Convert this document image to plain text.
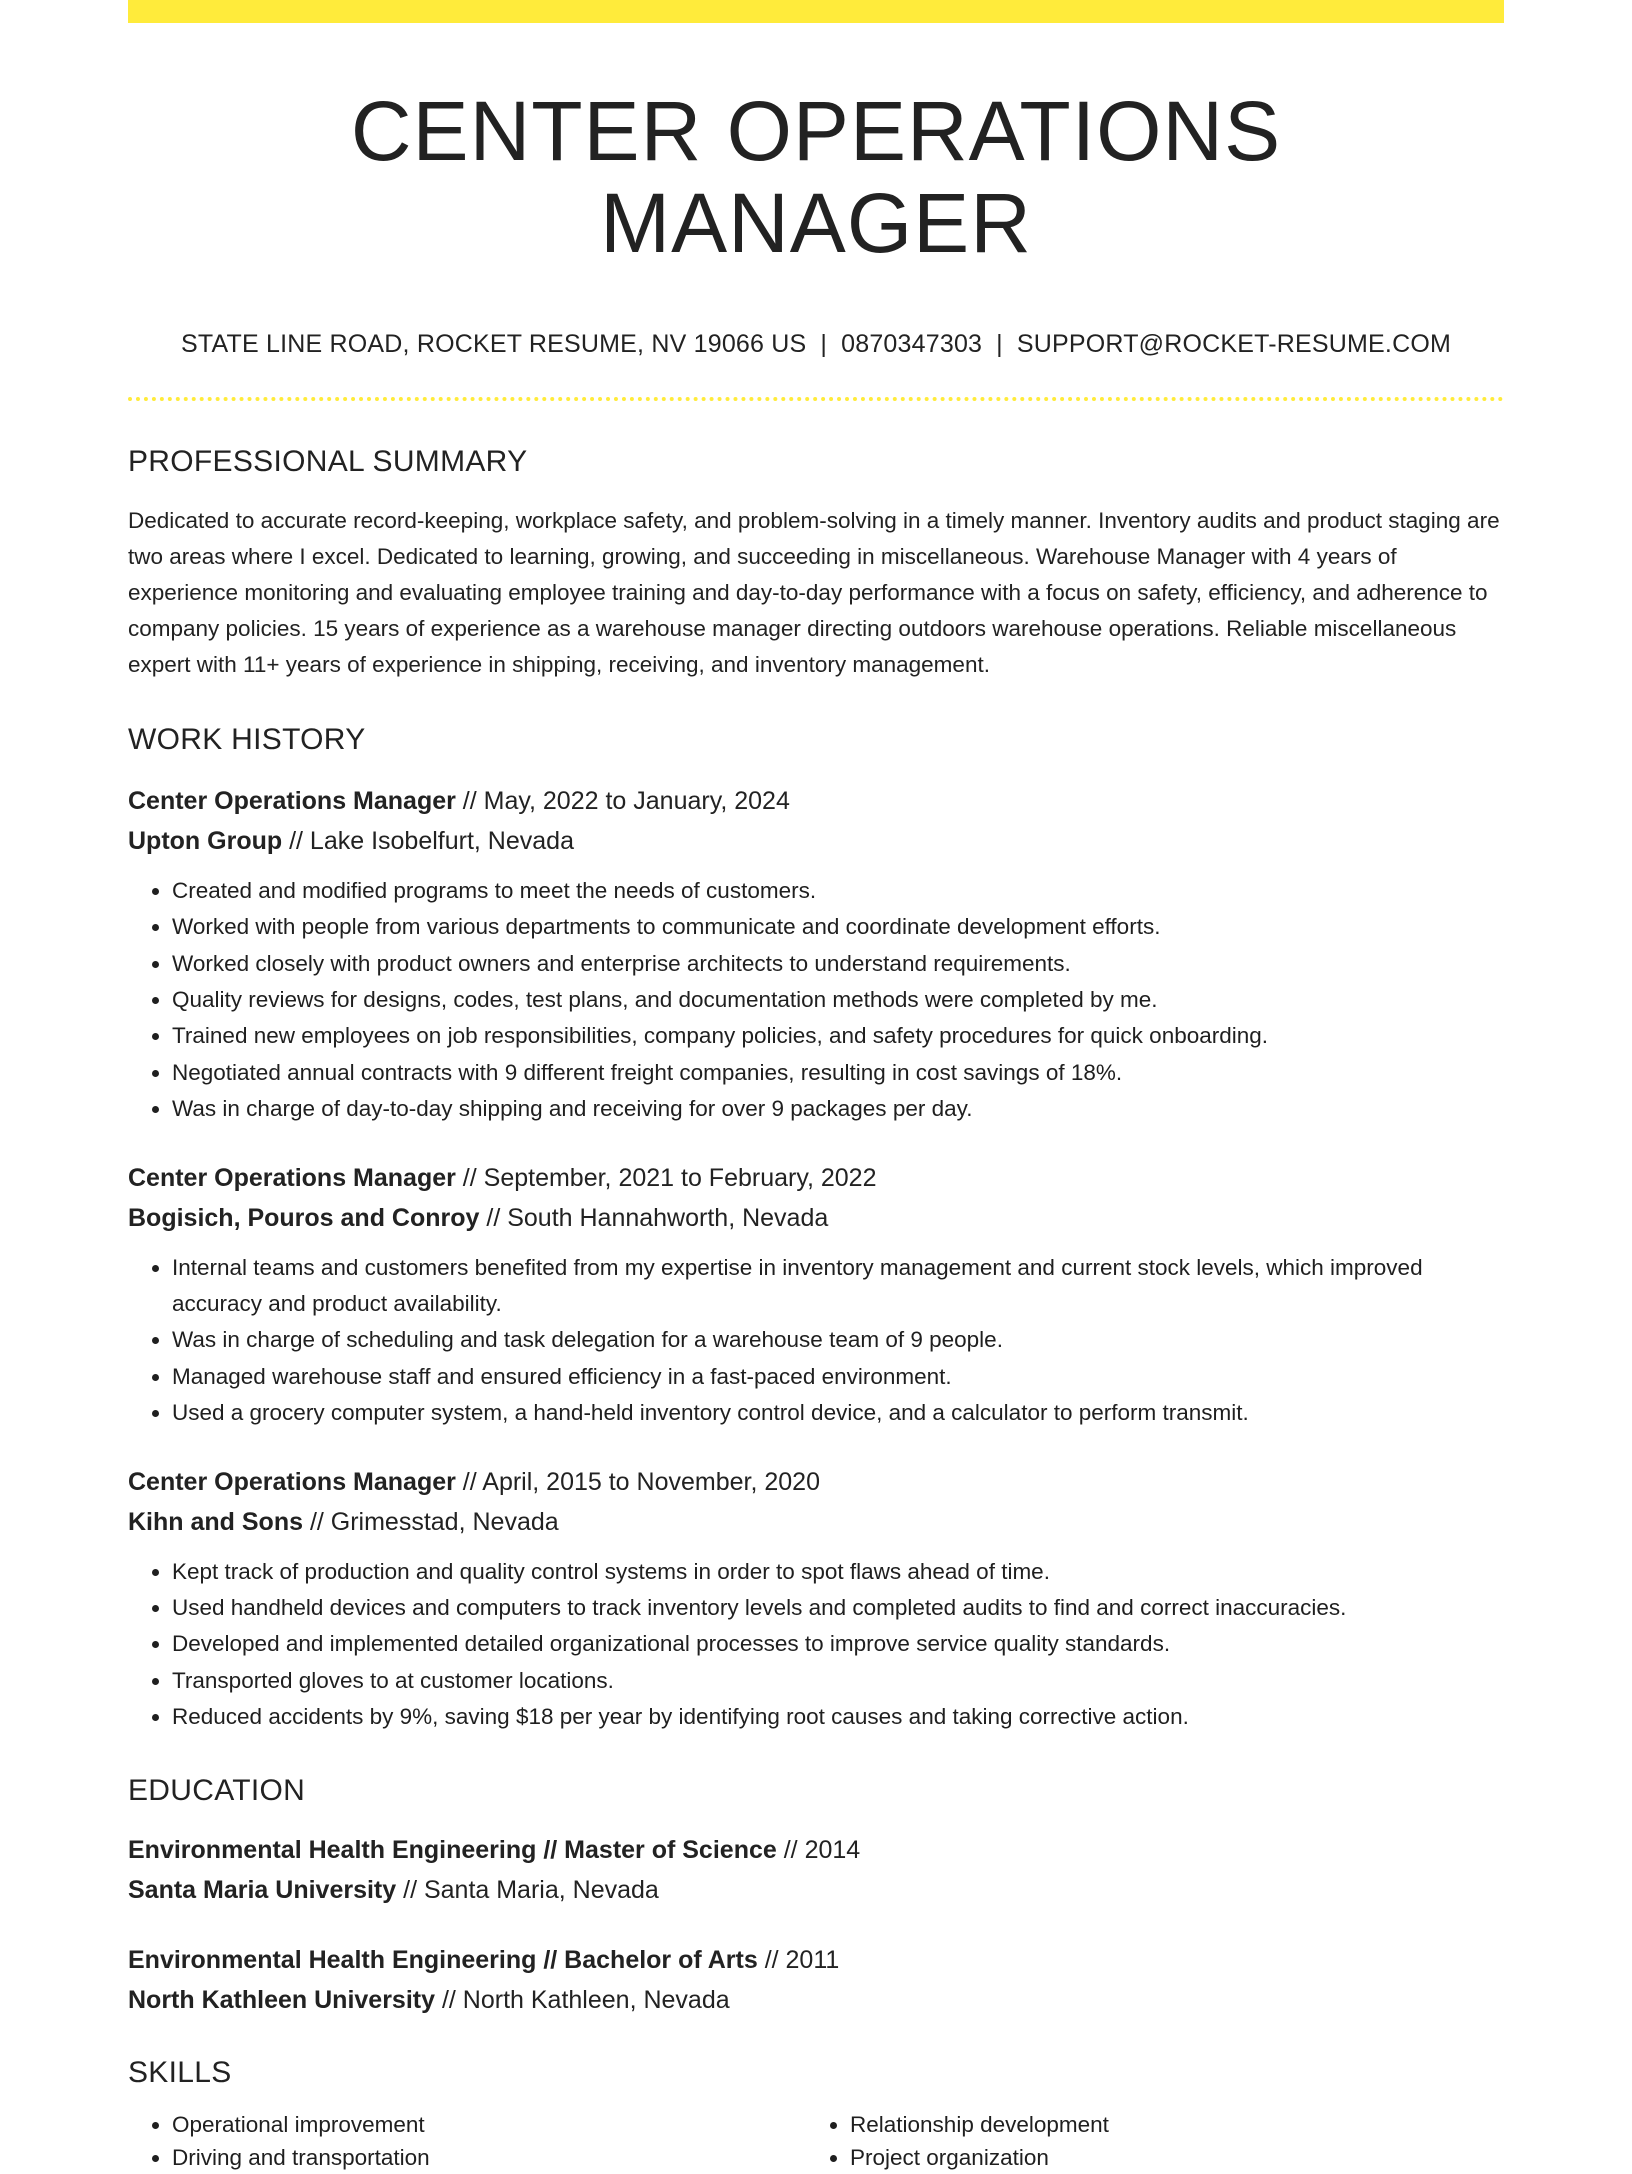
CENTER OPERATIONS MANAGER
STATE LINE ROAD, ROCKET RESUME, NV 19066 US | 0870347303 | SUPPORT@ROCKET-RESUME.COM
PROFESSIONAL SUMMARY

Dedicated to accurate record-keeping, workplace safety, and problem-solving in a timely manner. Inventory audits and product staging are two areas where I excel. Dedicated to learning, growing, and succeeding in miscellaneous. Warehouse Manager with 4 years of experience monitoring and evaluating employee training and day-to-day performance with a focus on safety, efficiency, and adherence to company policies. 15 years of experience as a warehouse manager directing outdoors warehouse operations. Reliable miscellaneous expert with 11+ years of experience in shipping, receiving, and inventory management.

WORK HISTORY
Center Operations Manager // May, 2022 to January, 2024
Upton Group // Lake Isobelfurt, Nevada
• Created and modified programs to meet the needs of customers.
• Worked with people from various departments to communicate and coordinate development efforts.
• Worked closely with product owners and enterprise architects to understand requirements.
• Quality reviews for designs, codes, test plans, and documentation methods were completed by me.
• Trained new employees on job responsibilities, company policies, and safety procedures for quick onboarding.
• Negotiated annual contracts with 9 different freight companies, resulting in cost savings of 18%.
• Was in charge of day-to-day shipping and receiving for over 9 packages per day.
Center Operations Manager // September, 2021 to February, 2022
Bogisich, Pouros and Conroy // South Hannahworth, Nevada
• Internal teams and customers benefited from my expertise in inventory management and current stock levels, which improved accuracy and product availability.
• Was in charge of scheduling and task delegation for a warehouse team of 9 people.
• Managed warehouse staff and ensured efficiency in a fast-paced environment.
• Used a grocery computer system, a hand-held inventory control device, and a calculator to perform transmit.
Center Operations Manager // April, 2015 to November, 2020
Kihn and Sons // Grimesstad, Nevada
• Kept track of production and quality control systems in order to spot flaws ahead of time.
• Used handheld devices and computers to track inventory levels and completed audits to find and correct inaccuracies.
• Developed and implemented detailed organizational processes to improve service quality standards.
• Transported gloves to at customer locations.
• Reduced accidents by 9%, saving $18 per year by identifying root causes and taking corrective action.
EDUCATION
Environmental Health Engineering // Master of Science // 2014
Santa Maria University // Santa Maria, Nevada
Environmental Health Engineering // Bachelor of Arts // 2011
North Kathleen University // North Kathleen, Nevada
SKILLS
• Operational improvement
• Driving and transportation
• Relationship development
• Project organization
